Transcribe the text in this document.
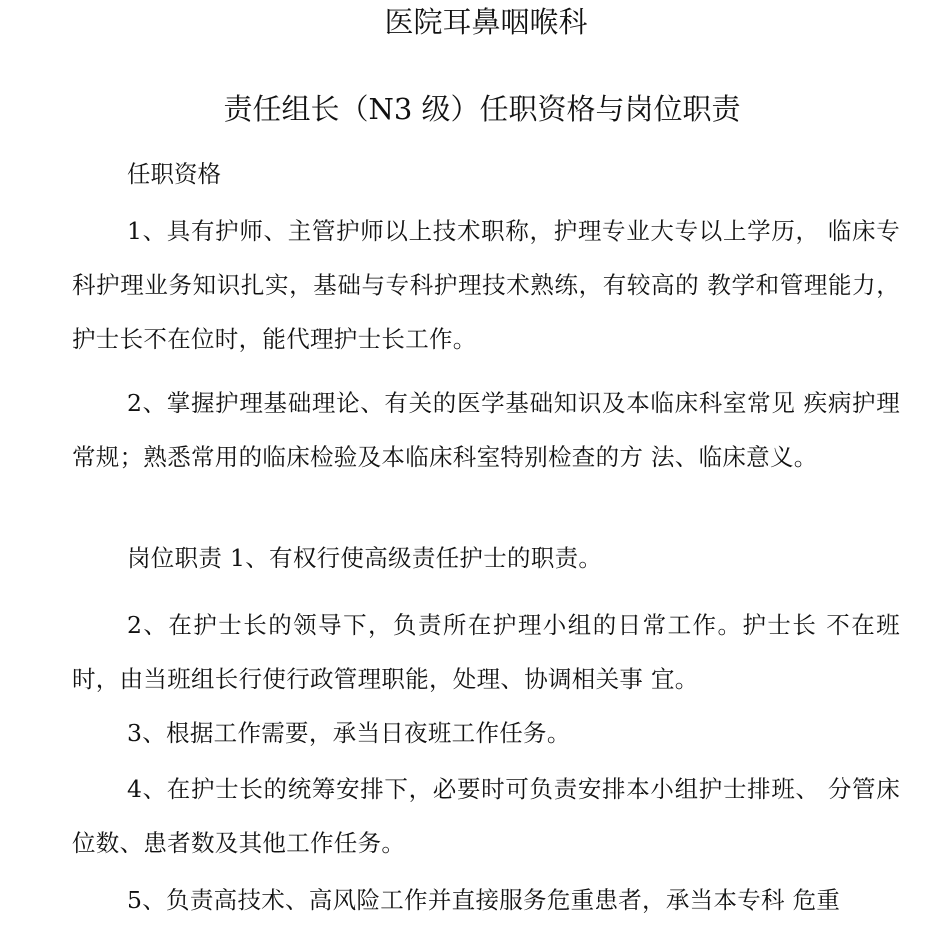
医院耳鼻咽喉科
责任组长（N3 级）任职资格与岗位职责

任职资格

1、具有护师、主管护师以上技术职称，护理专业大专以上学历， 临床专科护理业务知识扎实，基础与专科护理技术熟练，有较高的 教学和管理能力，护士长不在位时，能代理护士长工作。

2、掌握护理基础理论、有关的医学基础知识及本临床科室常见 疾病护理常规；熟悉常用的临床检验及本临床科室特别检查的方 法、临床意义。

岗位职责 1、有权行使高级责任护士的职责。

2、在护士长的领导下，负责所在护理小组的日常工作。护士长 不在班时，由当班组长行使行政管理职能，处理、协调相关事 宜。

3、根据工作需要，承当日夜班工作任务。

4、在护士长的统筹安排下，必要时可负责安排本小组护士排班、 分管床位数、患者数及其他工作任务。

5、负责高技术、高风险工作并直接服务危重患者，承当本专科 危重
